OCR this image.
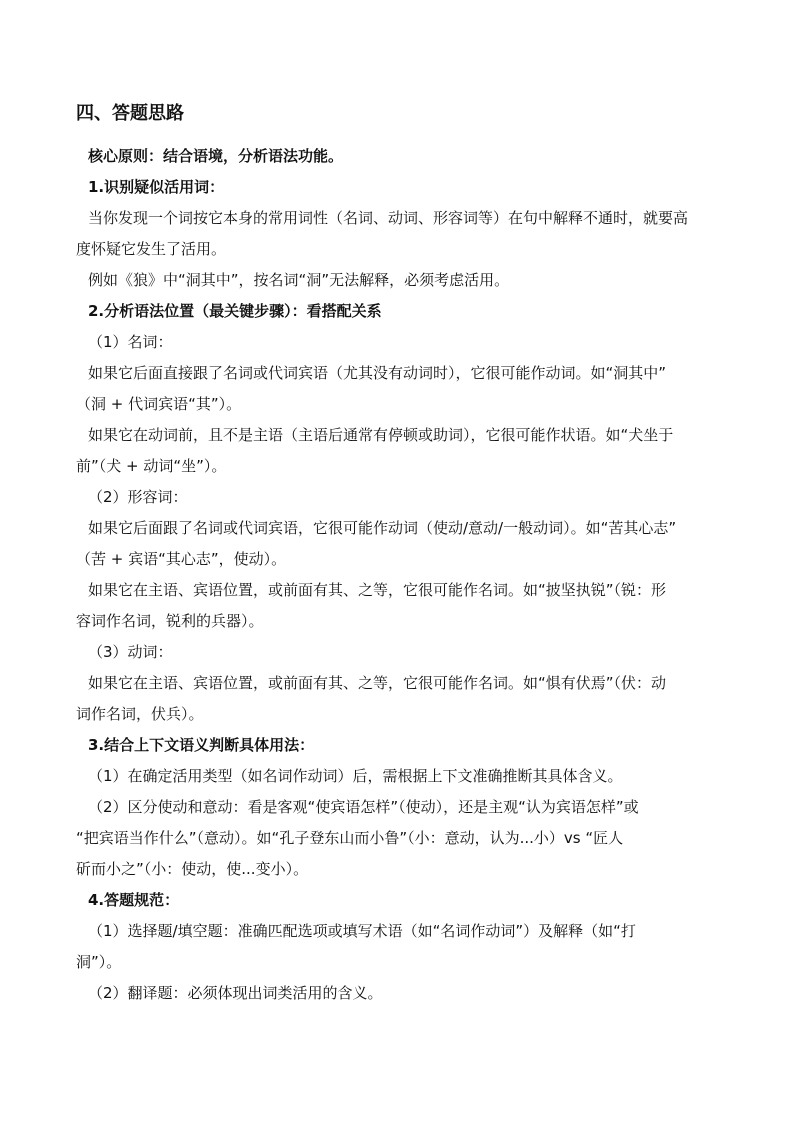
四、答题思路
核心原则：结合语境，分析语法功能。
1.识别疑似活用词：
当你发现一个词按它本身的常用词性（名词、动词、形容词等）在句中解释不通时，就要高
度怀疑它发生了活用。
例如《狼》中“洞其中”，按名词“洞”无法解释，必须考虑活用。
2.分析语法位置（最关键步骤）：看搭配关系
（1）名词：
如果它后面直接跟了名词或代词宾语（尤其没有动词时），它很可能作动词。如“洞其中”
（洞 + 代词宾语“其”）。
如果它在动词前，且不是主语（主语后通常有停顿或助词），它很可能作状语。如“犬坐于
前”（犬 + 动词“坐”）。
（2）形容词：
如果它后面跟了名词或代词宾语，它很可能作动词（使动/意动/一般动词）。如“苦其心志”
（苦 + 宾语“其心志”，使动）。
如果它在主语、宾语位置，或前面有其、之等，它很可能作名词。如“披坚执锐”（锐：形
容词作名词，锐利的兵器）。
（3）动词：
如果它在主语、宾语位置，或前面有其、之等，它很可能作名词。如“惧有伏焉”（伏：动
词作名词，伏兵）。
3.结合上下文语义判断具体用法：
（1）在确定活用类型（如名词作动词）后，需根据上下文准确推断其具体含义。
（2）区分使动和意动：看是客观“使宾语怎样”（使动），还是主观“认为宾语怎样”或
“把宾语当作什么”（意动）。如“孔子登东山而小鲁”（小：意动，认为...小）vs “匠人
斫而小之”（小：使动，使...变小）。
4.答题规范：
（1）选择题/填空题：准确匹配选项或填写术语（如“名词作动词”）及解释（如“打
洞”）。
（2）翻译题：必须体现出词类活用的含义。
